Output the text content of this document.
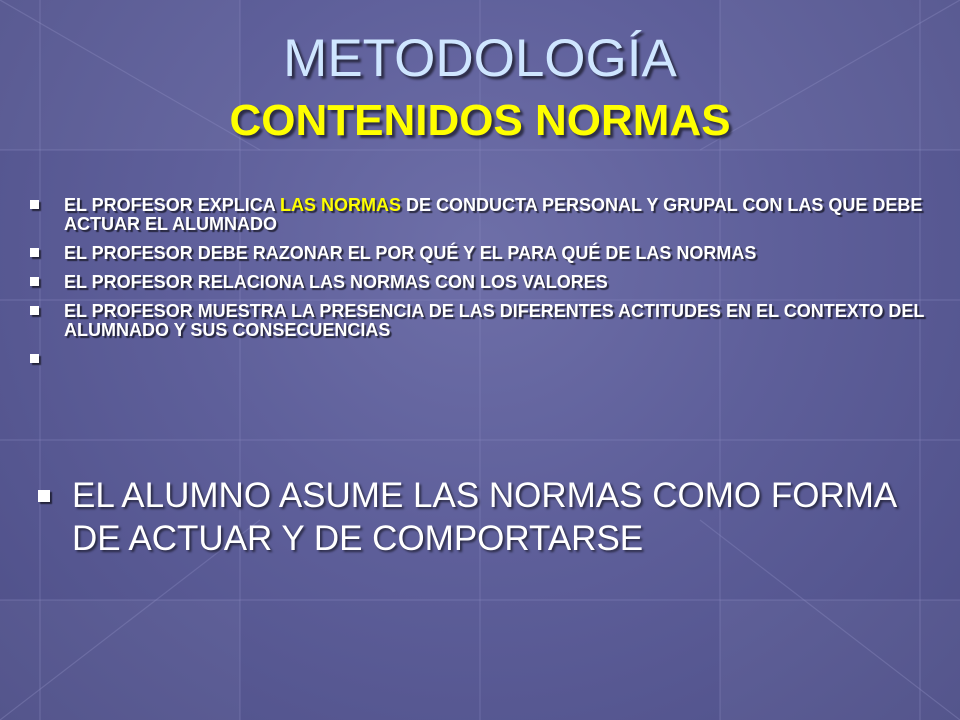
METODOLOGÍA
CONTENIDOS NORMAS
EL PROFESOR EXPLICA LAS NORMAS DE CONDUCTA PERSONAL Y GRUPAL CON LAS QUE DEBE ACTUAR EL ALUMNADO
EL PROFESOR DEBE RAZONAR EL POR QUÉ Y EL PARA QUÉ DE LAS NORMAS
EL PROFESOR RELACIONA LAS NORMAS CON LOS VALORES
EL PROFESOR MUESTRA LA PRESENCIA DE LAS DIFERENTES ACTITUDES EN EL CONTEXTO DEL ALUMNADO Y SUS CONSECUENCIAS
EL ALUMNO ASUME LAS NORMAS COMO FORMA DE ACTUAR Y DE COMPORTARSE
